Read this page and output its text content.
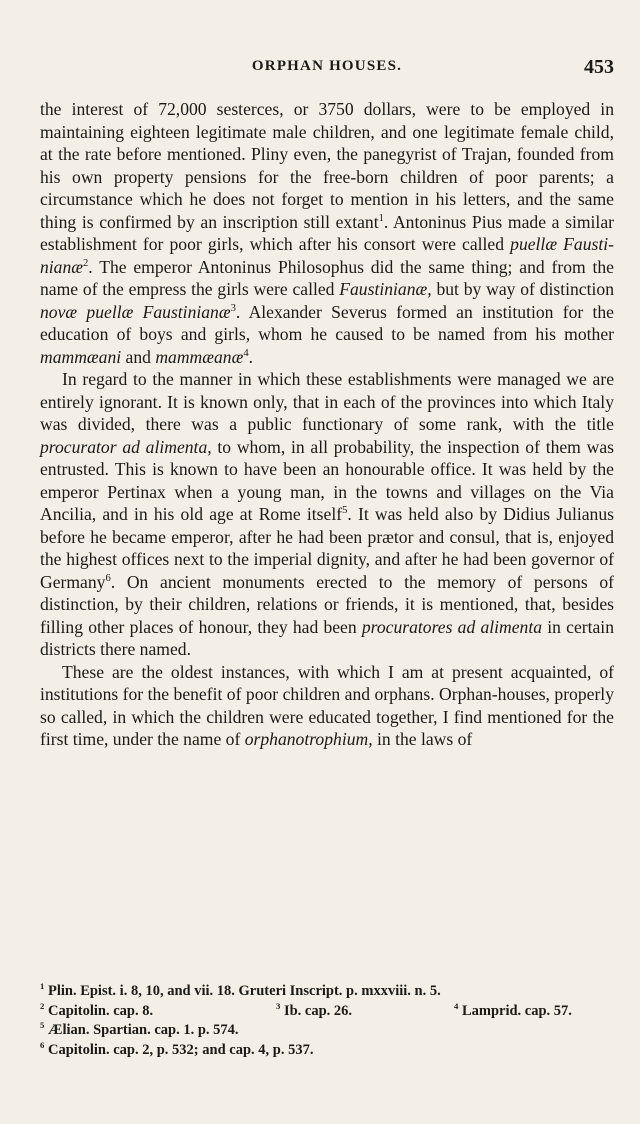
ORPHAN HOUSES.	453

the interest of 72,000 sesterces, or 3750 dollars, were to be employed in maintaining eighteen legitimate male children, and one legitimate female child, at the rate before mentioned. Pliny even, the panegyrist of Trajan, founded from his own property pensions for the free-born children of poor parents; a circumstance which he does not forget to mention in his letters, and the same thing is confirmed by an inscription still extant$^1$. Antoninus Pius made a similar establishment for poor girls, which after his consort were called puellæ Faustinianæ$^2$. The emperor Antoninus Philosophus did the same thing; and from the name of the empress the girls were called Faustinianæ, but by way of distinction novæ puellæ Faustinianæ$^3$. Alexander Severus formed an institution for the education of boys and girls, whom he caused to be named from his mother mammæani and mammæanæ$^4$.

In regard to the manner in which these establishments were managed we are entirely ignorant. It is known only, that in each of the provinces into which Italy was divided, there was a public functionary of some rank, with the title procurator ad alimenta, to whom, in all probability, the inspection of them was entrusted. This is known to have been an honourable office. It was held by the emperor Pertinax when a young man, in the towns and villages on the Via Ancilia, and in his old age at Rome itself$^5$. It was held also by Didius Julianus before he became emperor, after he had been prætor and consul, that is, enjoyed the highest offices next to the imperial dignity, and after he had been governor of Germany$^6$. On ancient monuments erected to the memory of persons of distinction, by their children, relations or friends, it is mentioned, that, besides filling other places of honour, they had been procuratores ad alimenta in certain districts there named.

These are the oldest instances, with which I am at present acquainted, of institutions for the benefit of poor children and orphans. Orphan-houses, properly so called, in which the children were educated together, I find mentioned for the first time, under the name of orphanotrophium, in the laws of

$^1$ Plin. Epist. i. 8, 10, and vii. 18. Gruteri Inscript. p. mxxviii. n. 5.
$^2$ Capitolin. cap. 8.	$^3$ Ib. cap. 26.	$^4$ Lamprid. cap. 57.
$^5$ Ælian. Spartian. cap. 1. p. 574.
$^6$ Capitolin. cap. 2, p. 532; and cap. 4, p. 537.
